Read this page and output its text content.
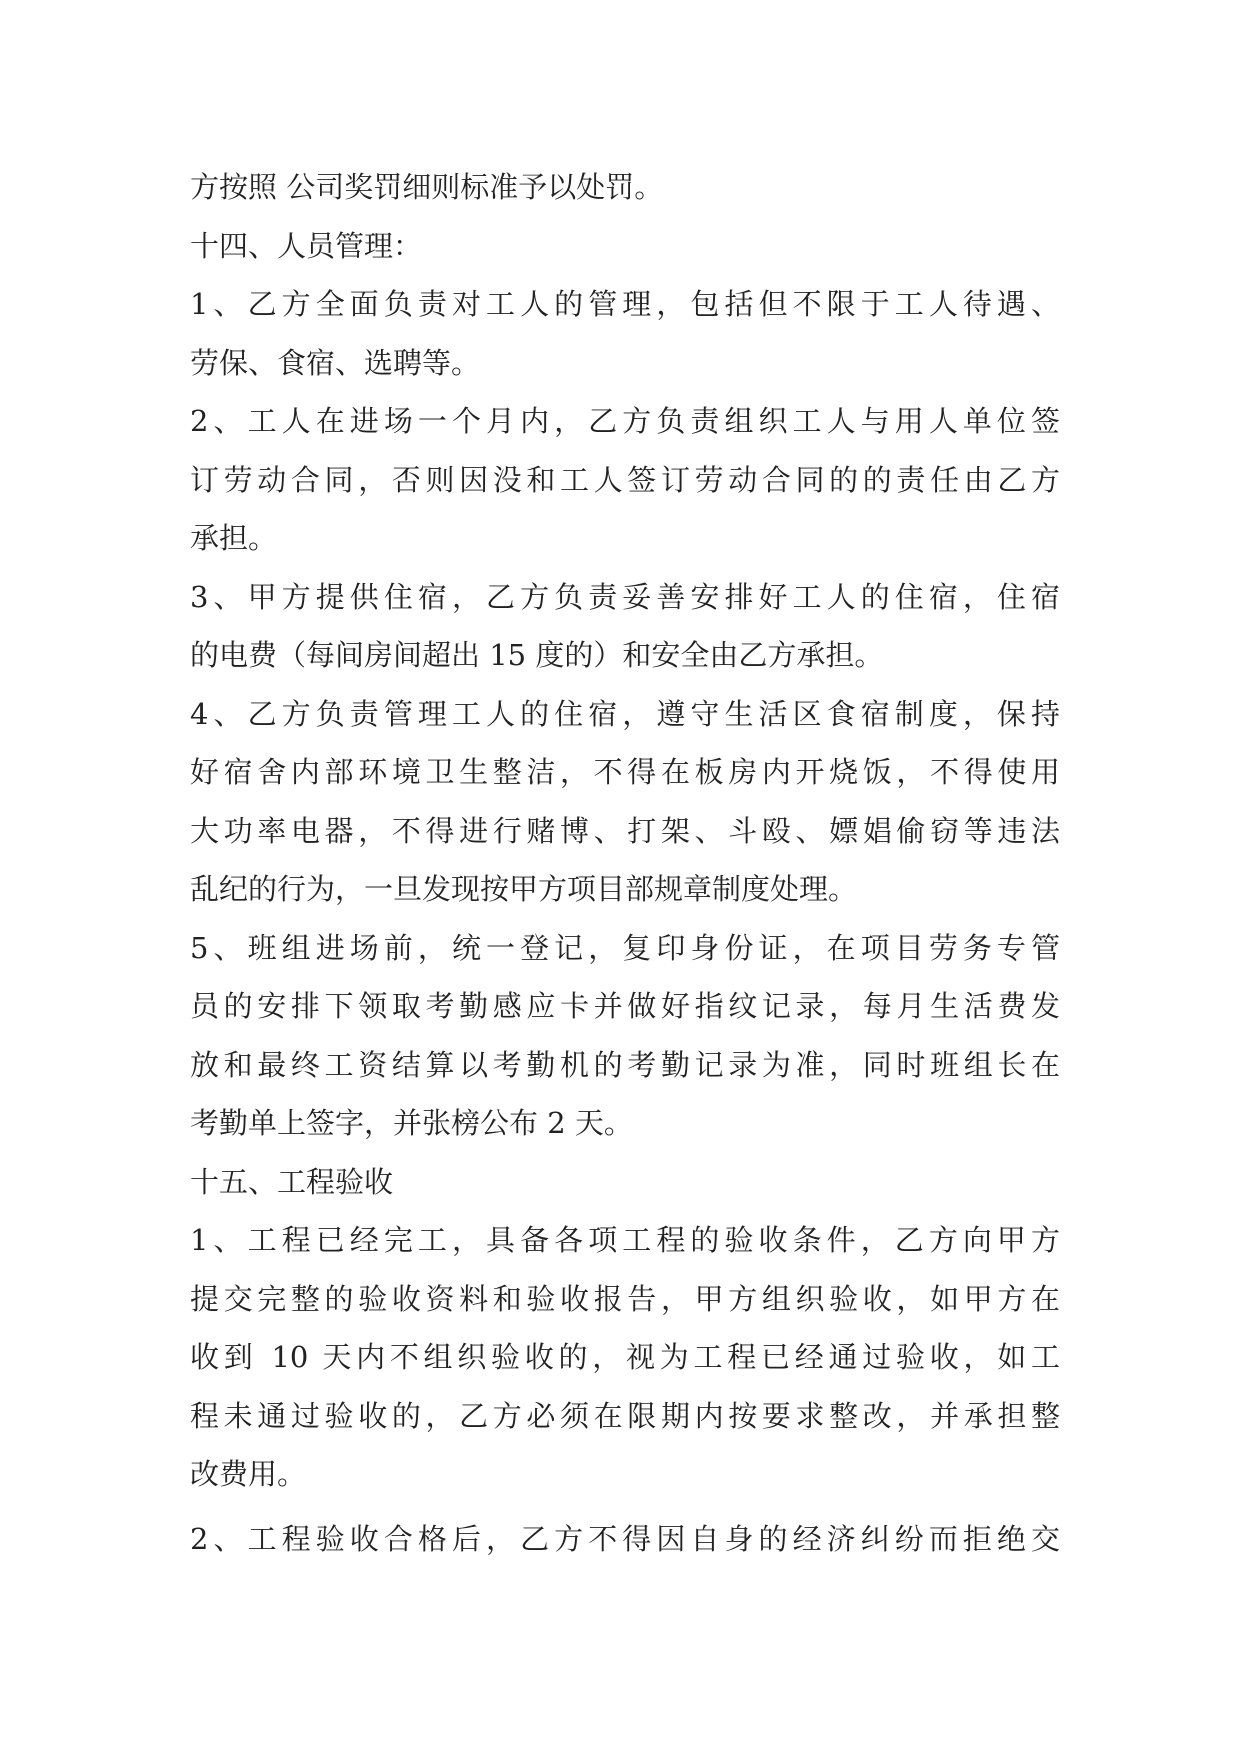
方按照 公司奖罚细则标准予以处罚。
十四、人员管理：
1、乙方全面负责对工人的管理，包括但不限于工人待遇、
劳保、食宿、选聘等。
2、工人在进场一个月内，乙方负责组织工人与用人单位签
订劳动合同，否则因没和工人签订劳动合同的的责任由乙方
承担。
3、甲方提供住宿，乙方负责妥善安排好工人的住宿，住宿
的电费（每间房间超出 15 度的）和安全由乙方承担。
4、乙方负责管理工人的住宿，遵守生活区食宿制度，保持
好宿舍内部环境卫生整洁，不得在板房内开烧饭，不得使用
大功率电器，不得进行赌博、打架、斗殴、嫖娼偷窃等违法
乱纪的行为，一旦发现按甲方项目部规章制度处理。
5、班组进场前，统一登记，复印身份证，在项目劳务专管
员的安排下领取考勤感应卡并做好指纹记录，每月生活费发
放和最终工资结算以考勤机的考勤记录为准，同时班组长在
考勤单上签字，并张榜公布 2 天。
十五、工程验收
1、工程已经完工，具备各项工程的验收条件，乙方向甲方
提交完整的验收资料和验收报告，甲方组织验收，如甲方在
收到 10 天内不组织验收的，视为工程已经通过验收，如工
程未通过验收的，乙方必须在限期内按要求整改，并承担整
改费用。
2、工程验收合格后，乙方不得因自身的经济纠纷而拒绝交
